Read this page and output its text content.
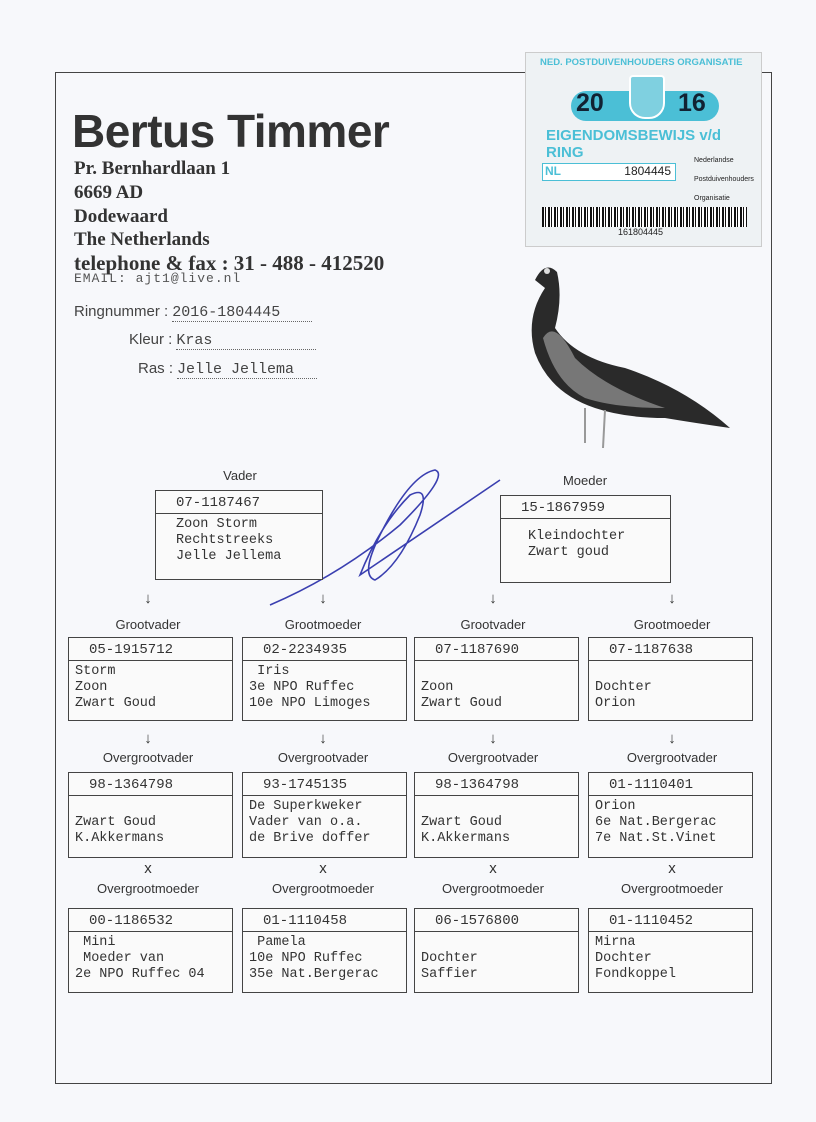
Bertus Timmer
Pr. Bernhardlaan 1
6669 AD
Dodewaard
The Netherlands
telephone & fax : 31 - 488 - 412520
EMAIL: ajt1@live.nl
Ringnummer : 2016-1804445
Kleur : Kras
Ras : Jelle Jellema
NED. POSTDUIVENHOUDERS ORGANISATIE
20	16
EIGENDOMSBEWIJS v/d RING
NL	1804445
Nederlandse
Postduivenhouders
Organisatie
161804445
Vader
07-1187467
Zoon Storm
Rechtstreeks
Jelle Jellema
Moeder
15-1867959
Kleindochter
Zwart goud
↓
Grootvader
05-1915712
Storm
Zoon
Zwart Goud
↓
Grootmoeder
02-2234935
Iris
3e NPO Ruffec
10e NPO Limoges
↓
Grootvader
07-1187690

Zoon
Zwart Goud
↓
Grootmoeder
07-1187638

Dochter
Orion
↓
Overgrootvader
98-1364798

Zwart Goud
K.Akkermans
↓
Overgrootvader
93-1745135
De Superkweker
Vader van o.a.
de Brive doffer
↓
Overgrootvader
98-1364798

Zwart Goud
K.Akkermans
↓
Overgrootvader
01-1110401
Orion
6e Nat.Bergerac
7e Nat.St.Vinet
x
Overgrootmoeder
00-1186532
Mini
Moeder van
2e NPO Ruffec 04
x
Overgrootmoeder
01-1110458
Pamela
10e NPO Ruffec
35e Nat.Bergerac
x
Overgrootmoeder
06-1576800

Dochter
Saffier
x
Overgrootmoeder
01-1110452
Mirna
Dochter
Fondkoppel
